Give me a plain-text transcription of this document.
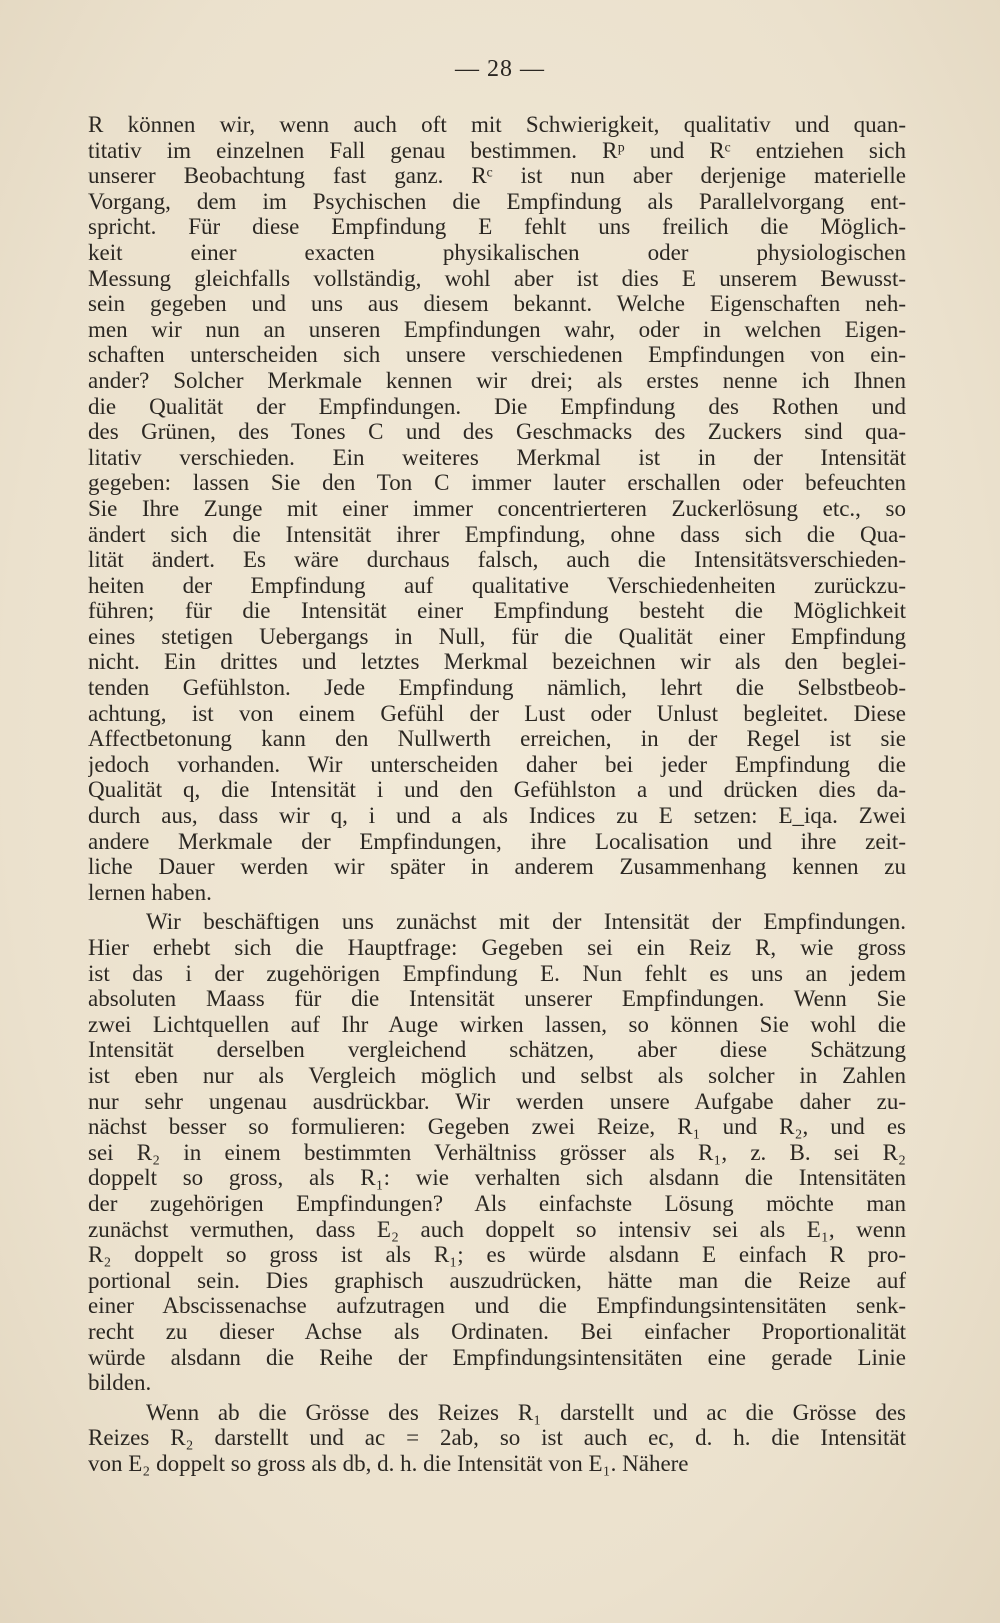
— 28 —

R können wir, wenn auch oft mit Schwierigkeit, qualitativ und quan-
titativ im einzelnen Fall genau bestimmen. Rᵖ und Rᶜ entziehen sich
unserer Beobachtung fast ganz. Rᶜ ist nun aber derjenige materielle
Vorgang, dem im Psychischen die Empfindung als Parallelvorgang ent-
spricht. Für diese Empfindung E fehlt uns freilich die Möglich-
keit einer exacten physikalischen oder physiologischen
Messung gleichfalls vollständig, wohl aber ist dies E unserem Bewusst-
sein gegeben und uns aus diesem bekannt. Welche Eigenschaften neh-
men wir nun an unseren Empfindungen wahr, oder in welchen Eigen-
schaften unterscheiden sich unsere verschiedenen Empfindungen von ein-
ander? Solcher Merkmale kennen wir drei; als erstes nenne ich Ihnen
die Qualität der Empfindungen. Die Empfindung des Rothen und
des Grünen, des Tones C und des Geschmacks des Zuckers sind qua-
litativ verschieden. Ein weiteres Merkmal ist in der Intensität
gegeben: lassen Sie den Ton C immer lauter erschallen oder befeuchten
Sie Ihre Zunge mit einer immer concentrierteren Zuckerlösung etc., so
ändert sich die Intensität ihrer Empfindung, ohne dass sich die Qua-
lität ändert. Es wäre durchaus falsch, auch die Intensitätsverschieden-
heiten der Empfindung auf qualitative Verschiedenheiten zurückzu-
führen; für die Intensität einer Empfindung besteht die Möglichkeit
eines stetigen Uebergangs in Null, für die Qualität einer Empfindung
nicht. Ein drittes und letztes Merkmal bezeichnen wir als den beglei-
tenden Gefühlston. Jede Empfindung nämlich, lehrt die Selbstbeob-
achtung, ist von einem Gefühl der Lust oder Unlust begleitet. Diese
Affectbetonung kann den Nullwerth erreichen, in der Regel ist sie
jedoch vorhanden. Wir unterscheiden daher bei jeder Empfindung die
Qualität q, die Intensität i und den Gefühlston a und drücken dies da-
durch aus, dass wir q, i und a als Indices zu E setzen: E_iqa. Zwei
andere Merkmale der Empfindungen, ihre Localisation und ihre zeit-
liche Dauer werden wir später in anderem Zusammenhang kennen zu
lernen haben.

Wir beschäftigen uns zunächst mit der Intensität der Empfindungen.
Hier erhebt sich die Hauptfrage: Gegeben sei ein Reiz R, wie gross
ist das i der zugehörigen Empfindung E. Nun fehlt es uns an jedem
absoluten Maass für die Intensität unserer Empfindungen. Wenn Sie
zwei Lichtquellen auf Ihr Auge wirken lassen, so können Sie wohl die
Intensität derselben vergleichend schätzen, aber diese Schätzung
ist eben nur als Vergleich möglich und selbst als solcher in Zahlen
nur sehr ungenau ausdrückbar. Wir werden unsere Aufgabe daher zu-
nächst besser so formulieren: Gegeben zwei Reize, R₁ und R₂, und es
sei R₂ in einem bestimmten Verhältniss grösser als R₁, z. B. sei R₂
doppelt so gross, als R₁: wie verhalten sich alsdann die Intensitäten
der zugehörigen Empfindungen? Als einfachste Lösung möchte man
zunächst vermuthen, dass E₂ auch doppelt so intensiv sei als E₁, wenn
R₂ doppelt so gross ist als R₁; es würde alsdann E einfach R pro-
portional sein. Dies graphisch auszudrücken, hätte man die Reize auf
einer Abscissenachse aufzutragen und die Empfindungsintensitäten senk-
recht zu dieser Achse als Ordinaten. Bei einfacher Proportionalität
würde alsdann die Reihe der Empfindungsintensitäten eine gerade Linie
bilden.

Wenn ab die Grösse des Reizes R₁ darstellt und ac die Grösse des
Reizes R₂ darstellt und ac = 2ab, so ist auch ec, d. h. die Intensität
von E₂ doppelt so gross als db, d. h. die Intensität von E₁. Nähere
